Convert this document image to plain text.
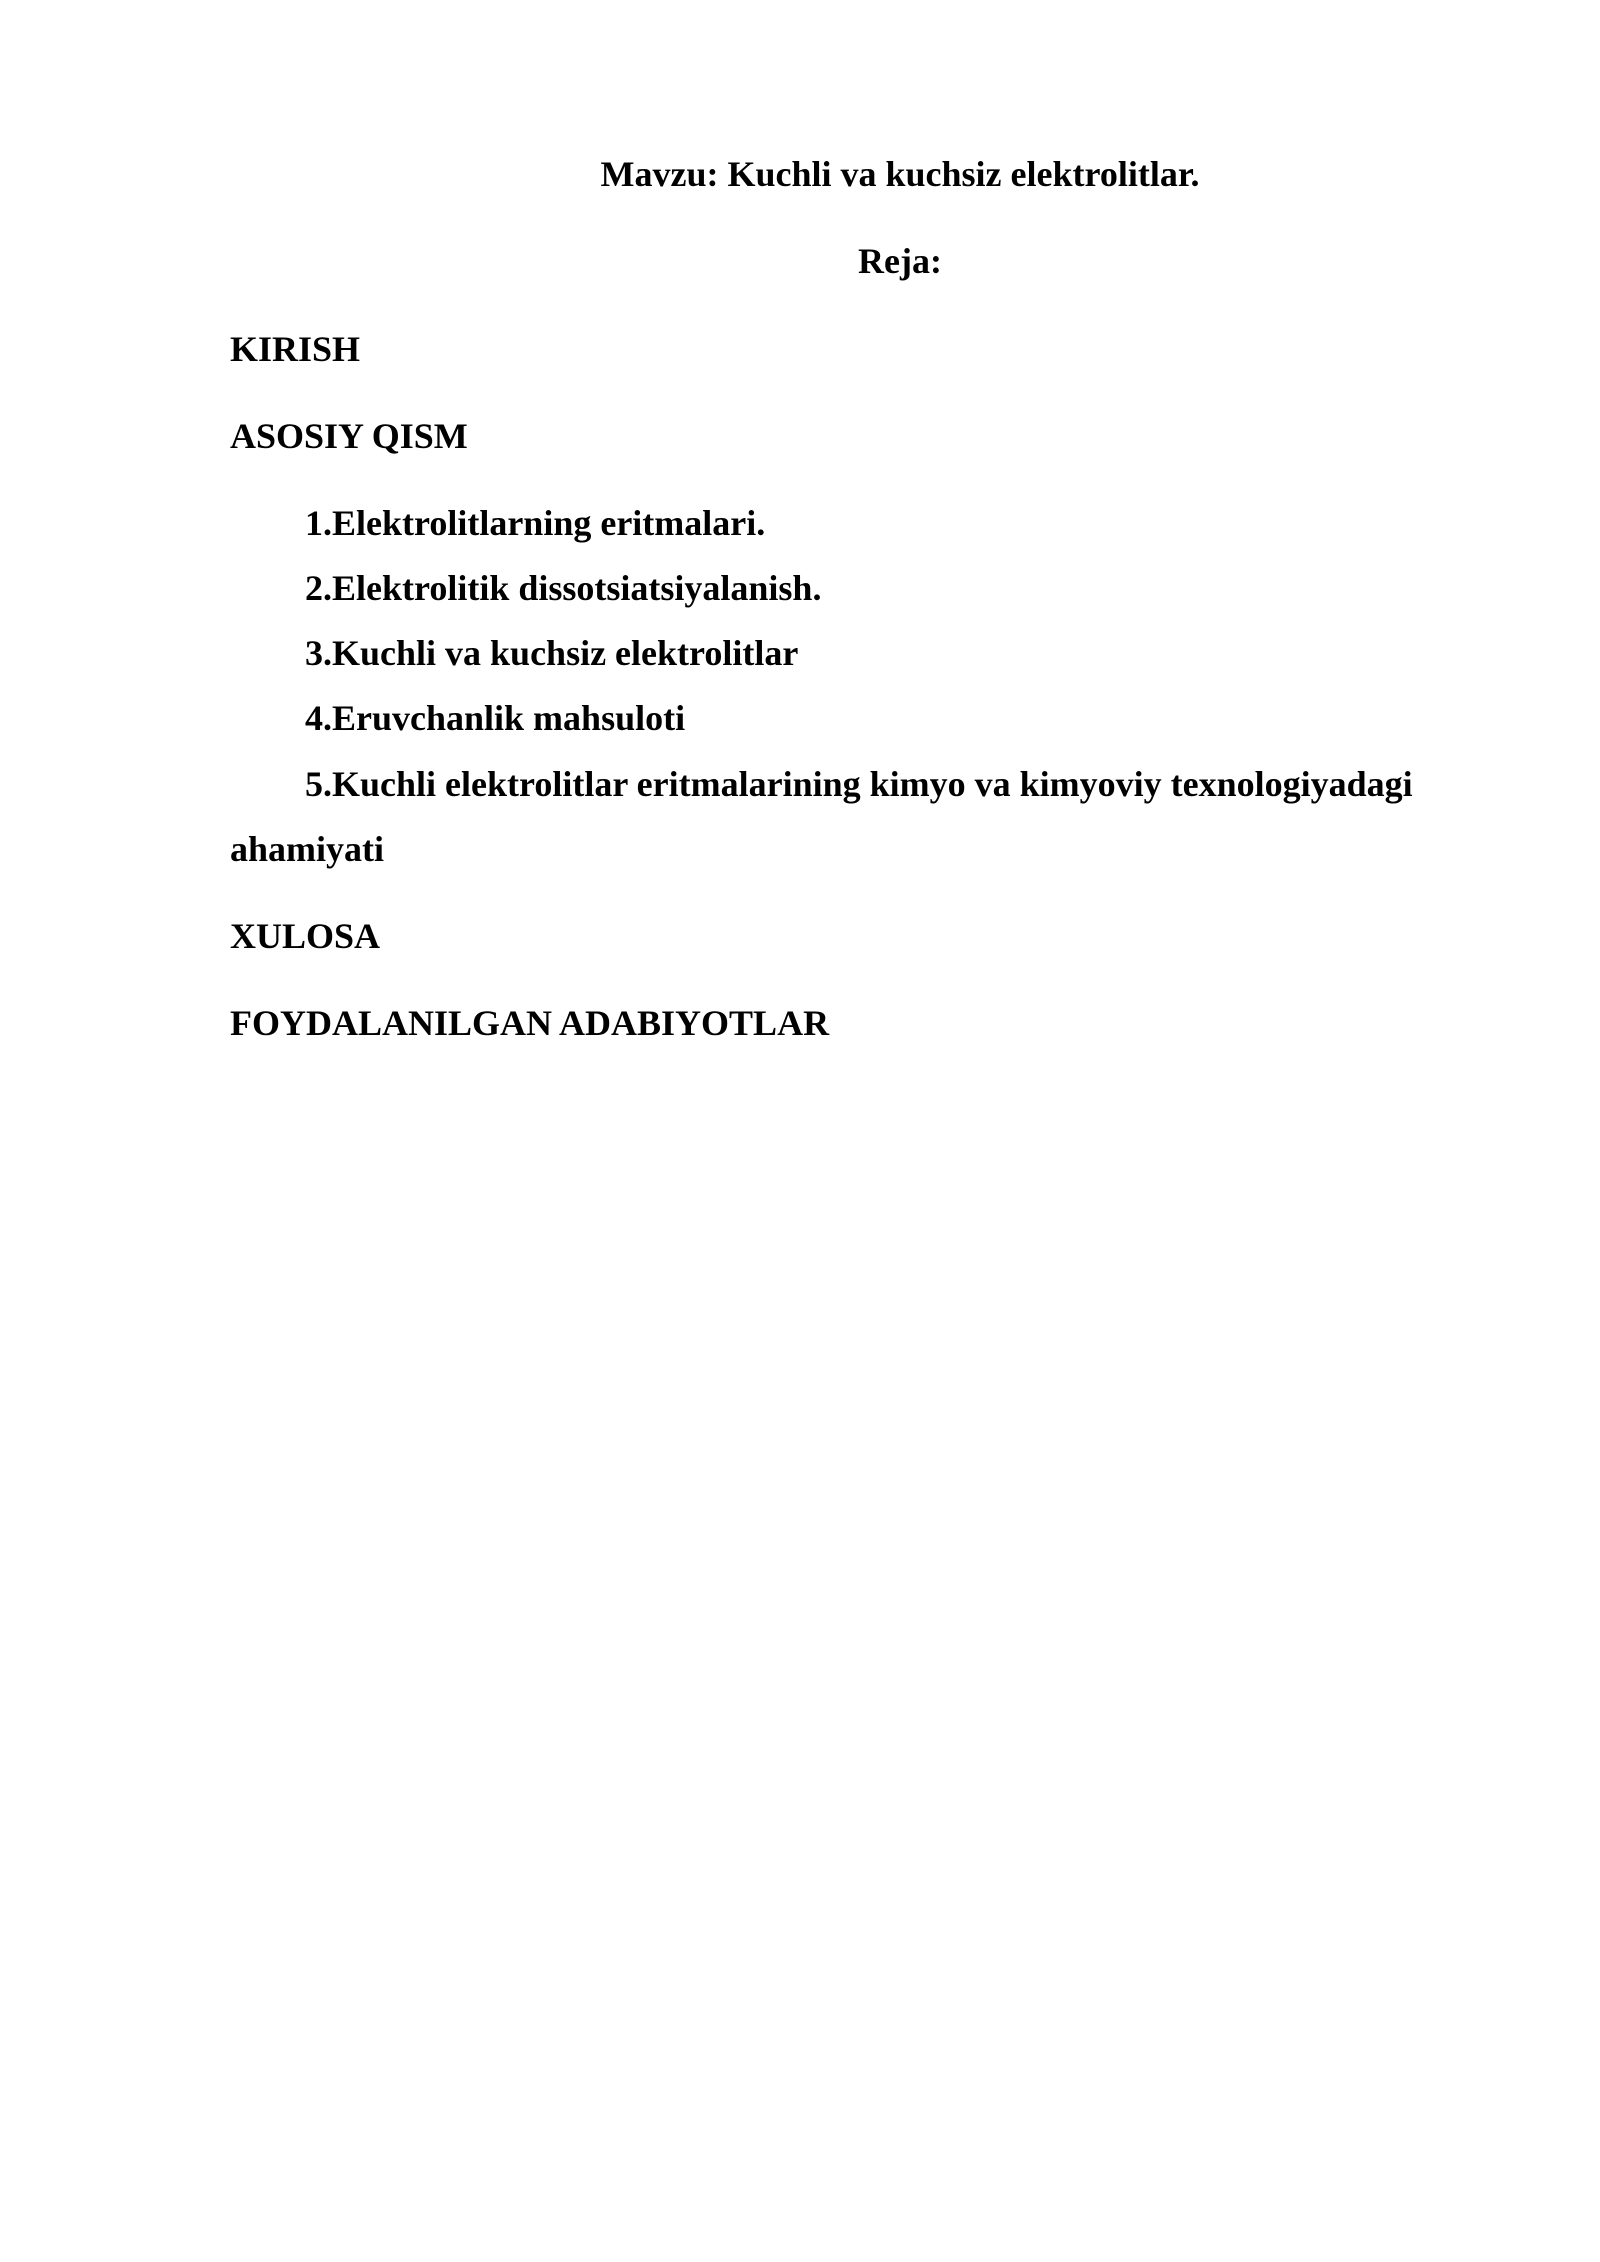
Mavzu: Kuchli va kuchsiz elektrolitlar.
Reja:
KIRISH
ASOSIY QISM
1.Elektrolitlarning eritmalari.
2.Elektrolitik dissotsiatsiyalanish.
3.Kuchli va kuchsiz elektrolitlar
4.Eruvchanlik mahsuloti
5.Kuchli elektrolitlar eritmalarining kimyo va kimyoviy texnologiyadagi
ahamiyati
XULOSA
FOYDALANILGAN ADABIYOTLAR
